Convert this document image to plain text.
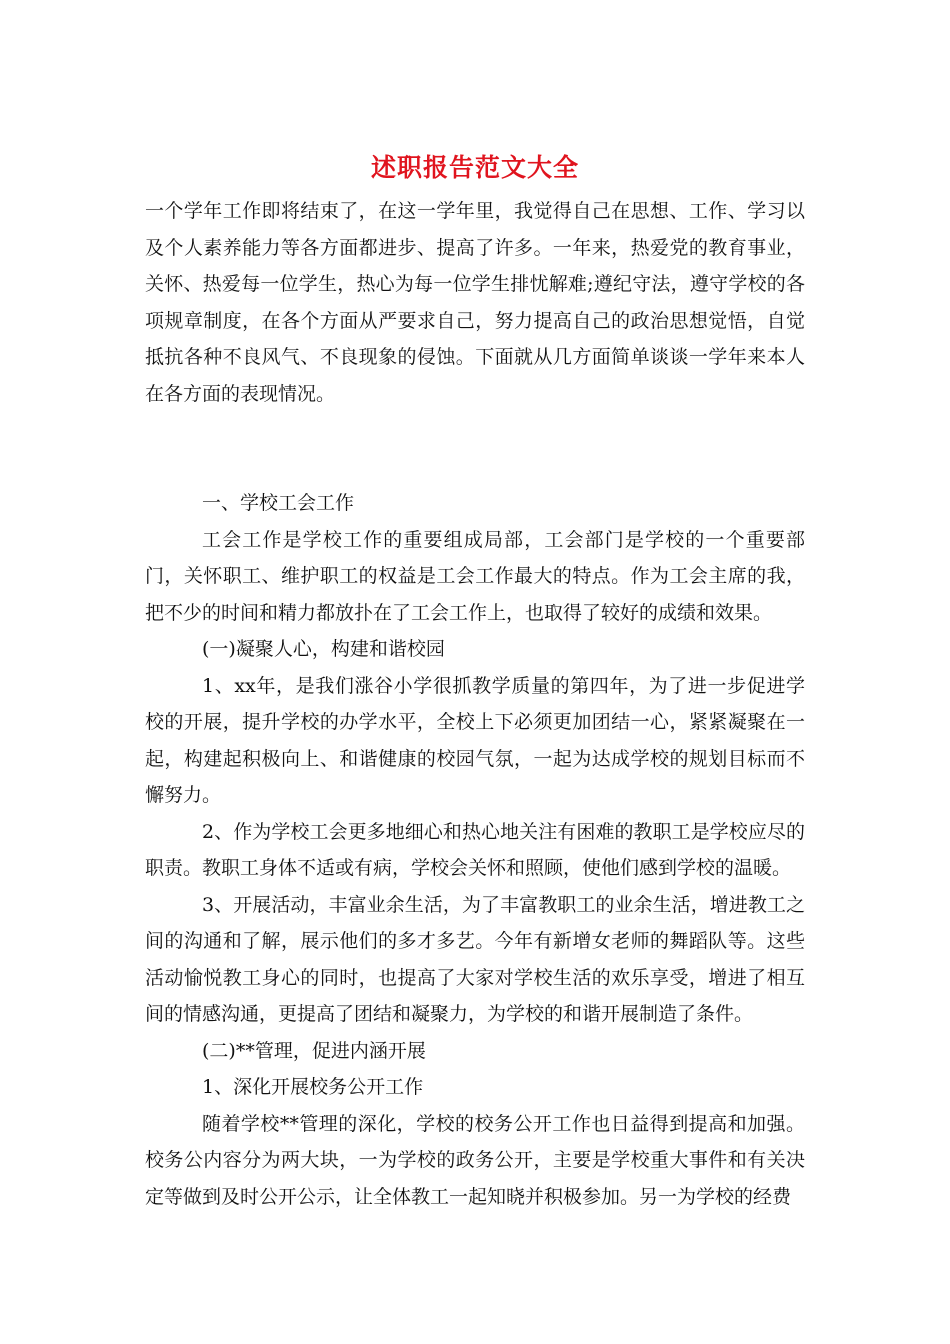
述职报告范文大全

一个学年工作即将结束了，在这一学年里，我觉得自己在思想、工作、学习以及个人素养能力等各方面都进步、提高了许多。一年来，热爱党的教育事业，关怀、热爱每一位学生，热心为每一位学生排忧解难;遵纪守法，遵守学校的各项规章制度，在各个方面从严要求自己，努力提高自己的政治思想觉悟，自觉抵抗各种不良风气、不良现象的侵蚀。下面就从几方面简单谈谈一学年来本人在各方面的表现情况。

一、学校工会工作

工会工作是学校工作的重要组成局部，工会部门是学校的一个重要部门，关怀职工、维护职工的权益是工会工作最大的特点。作为工会主席的我，把不少的时间和精力都放扑在了工会工作上，也取得了较好的成绩和效果。

(一)凝聚人心，构建和谐校园

1、xx年，是我们涨谷小学很抓教学质量的第四年，为了进一步促进学校的开展，提升学校的办学水平，全校上下必须更加团结一心，紧紧凝聚在一起，构建起积极向上、和谐健康的校园气氛，一起为达成学校的规划目标而不懈努力。

2、作为学校工会更多地细心和热心地关注有困难的教职工是学校应尽的职责。教职工身体不适或有病，学校会关怀和照顾，使他们感到学校的温暖。

3、开展活动，丰富业余生活，为了丰富教职工的业余生活，增进教工之间的沟通和了解，展示他们的多才多艺。今年有新增女老师的舞蹈队等。这些活动愉悦教工身心的同时，也提高了大家对学校生活的欢乐享受，增进了相互间的情感沟通，更提高了团结和凝聚力，为学校的和谐开展制造了条件。

(二)**管理，促进内涵开展

1、深化开展校务公开工作

随着学校**管理的深化，学校的校务公开工作也日益得到提高和加强。校务公内容分为两大块，一为学校的政务公开，主要是学校重大事件和有关决定等做到及时公开公示，让全体教工一起知晓并积极参加。另一为学校的经费
